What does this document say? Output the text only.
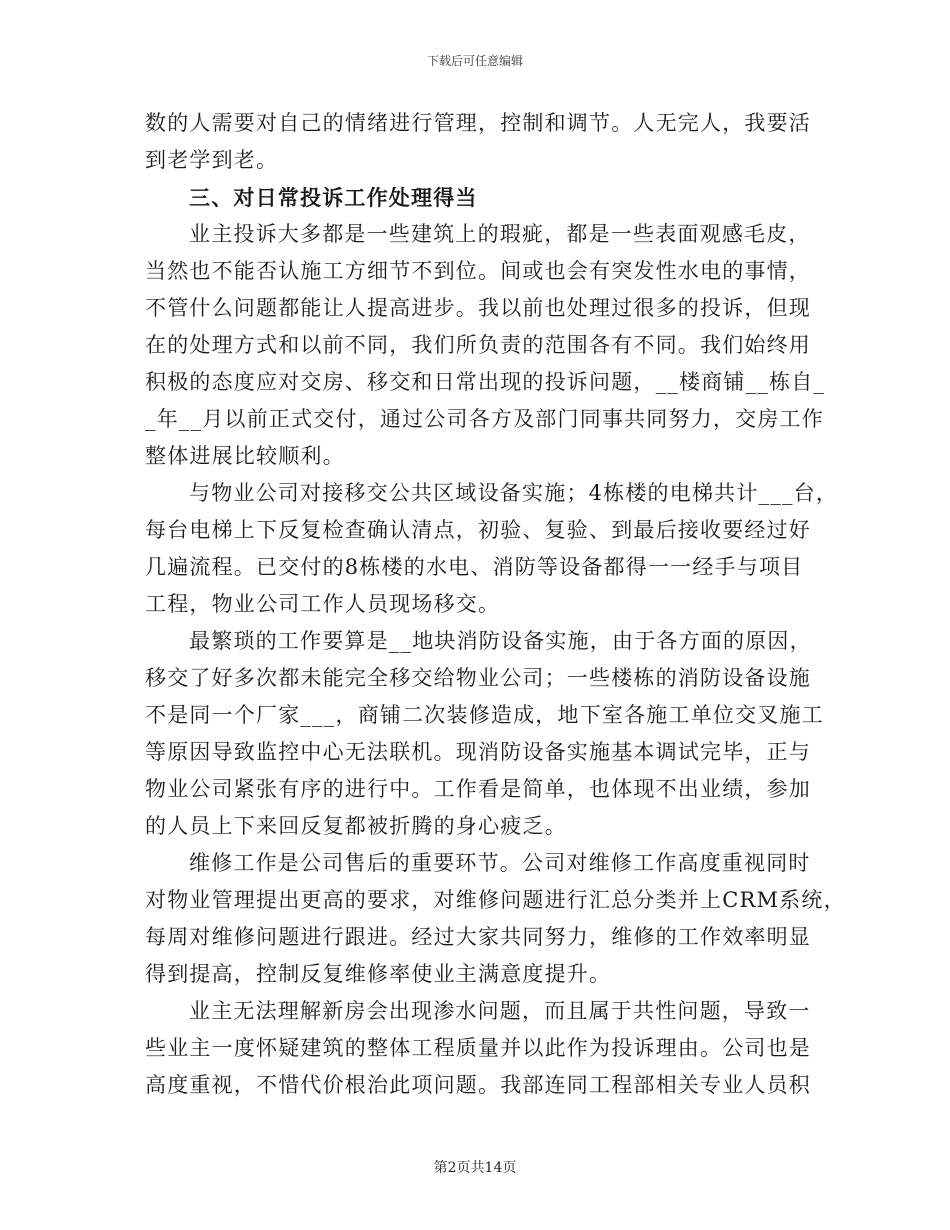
下载后可任意编辑
数的人需要对自己的情绪进行管理，控制和调节。人无完人，我要活
到老学到老。
三、对日常投诉工作处理得当
业主投诉大多都是一些建筑上的瑕疵，都是一些表面观感毛皮，
当然也不能否认施工方细节不到位。间或也会有突发性水电的事情，
不管什么问题都能让人提高进步。我以前也处理过很多的投诉，但现
在的处理方式和以前不同，我们所负责的范围各有不同。我们始终用
积极的态度应对交房、移交和日常出现的投诉问题，__楼商铺__栋自_
_年__月以前正式交付，通过公司各方及部门同事共同努力，交房工作
整体进展比较顺利。
与物业公司对接移交公共区域设备实施；4栋楼的电梯共计___台，
每台电梯上下反复检查确认清点，初验、复验、到最后接收要经过好
几遍流程。已交付的8栋楼的水电、消防等设备都得一一经手与项目
工程，物业公司工作人员现场移交。
最繁琐的工作要算是__地块消防设备实施，由于各方面的原因，
移交了好多次都未能完全移交给物业公司；一些楼栋的消防设备设施
不是同一个厂家___，商铺二次装修造成，地下室各施工单位交叉施工
等原因导致监控中心无法联机。现消防设备实施基本调试完毕，正与
物业公司紧张有序的进行中。工作看是简单，也体现不出业绩，参加
的人员上下来回反复都被折腾的身心疲乏。
维修工作是公司售后的重要环节。公司对维修工作高度重视同时
对物业管理提出更高的要求，对维修问题进行汇总分类并上CRM系统，
每周对维修问题进行跟进。经过大家共同努力，维修的工作效率明显
得到提高，控制反复维修率使业主满意度提升。
业主无法理解新房会出现渗水问题，而且属于共性问题，导致一
些业主一度怀疑建筑的整体工程质量并以此作为投诉理由。公司也是
高度重视，不惜代价根治此项问题。我部连同工程部相关专业人员积
第2页共14页
